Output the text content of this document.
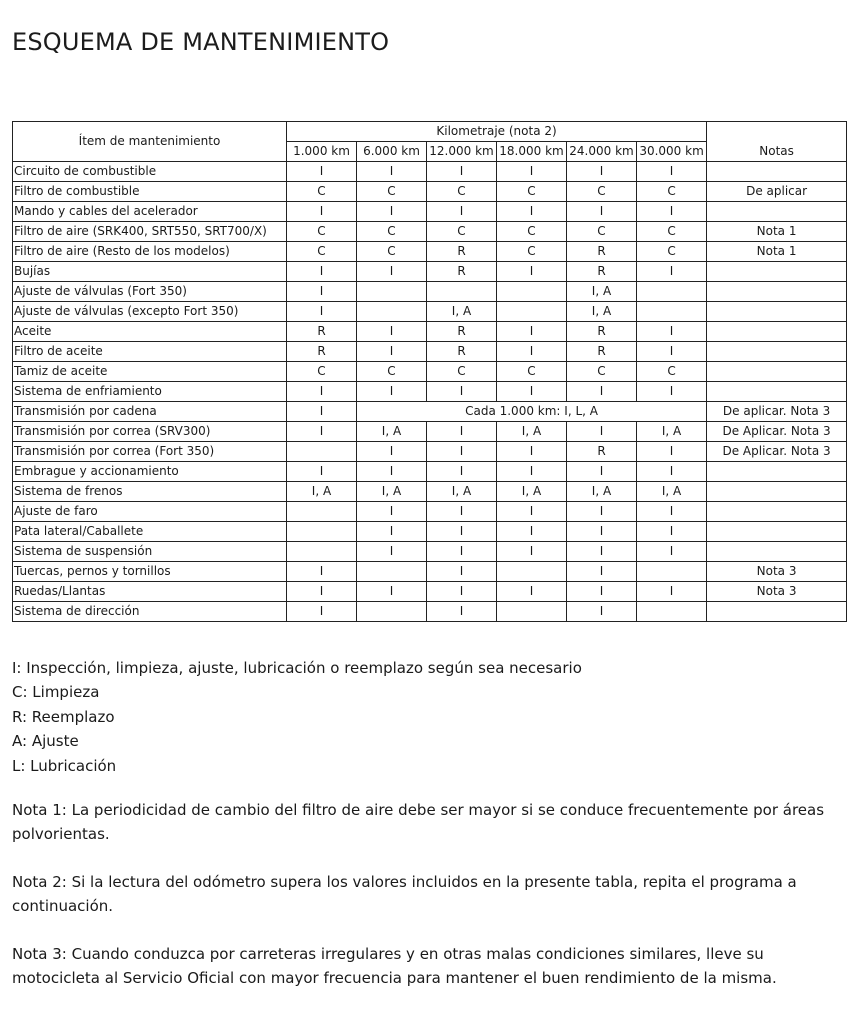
ESQUEMA DE MANTENIMIENTO
Ítem de mantenimiento	Kilometraje (nota 2)						Notas
	1.000 km	6.000 km	12.000 km	18.000 km	24.000 km	30.000 km	
Circuito de combustible	I	I	I	I	I	I	
Filtro de combustible	C	C	C	C	C	C	De aplicar
Mando y cables del acelerador	I	I	I	I	I	I	
Filtro de aire (SRK400, SRT550, SRT700/X)	C	C	C	C	C	C	Nota 1
Filtro de aire (Resto de los modelos)	C	C	R	C	R	C	Nota 1
Bujías	I	I	R	I	R	I	
Ajuste de válvulas (Fort 350)	I				I, A		
Ajuste de válvulas (excepto Fort 350)	I		I, A		I, A		
Aceite	R	I	R	I	R	I	
Filtro de aceite	R	I	R	I	R	I	
Tamiz de aceite	C	C	C	C	C	C	
Sistema de enfriamiento	I	I	I	I	I	I	
Transmisión por cadena	I	Cada 1.000 km: I, L, A					De aplicar. Nota 3
Transmisión por correa (SRV300)	I	I, A	I	I, A	I	I, A	De Aplicar. Nota 3
Transmisión por correa (Fort 350)		I	I	I	R	I	De Aplicar. Nota 3
Embrague y accionamiento	I	I	I	I	I	I	
Sistema de frenos	I, A	I, A	I, A	I, A	I, A	I, A	
Ajuste de faro		I	I	I	I	I	
Pata lateral/Caballete		I	I	I	I	I	
Sistema de suspensión		I	I	I	I	I	
Tuercas, pernos y tornillos	I		I		I		Nota 3
Ruedas/Llantas	I	I	I	I	I	I	Nota 3
Sistema de dirección	I		I		I		
I: Inspección, limpieza, ajuste, lubricación o reemplazo según sea necesario
C: Limpieza
R: Reemplazo
A: Ajuste
L: Lubricación

Nota 1: La periodicidad de cambio del filtro de aire debe ser mayor si se conduce frecuentemente por áreas polvorientas.

Nota 2: Si la lectura del odómetro supera los valores incluidos en la presente tabla, repita el programa a continuación.

Nota 3: Cuando conduzca por carreteras irregulares y en otras malas condiciones similares, lleve su motocicleta al Servicio Oficial con mayor frecuencia para mantener el buen rendimiento de la misma.
